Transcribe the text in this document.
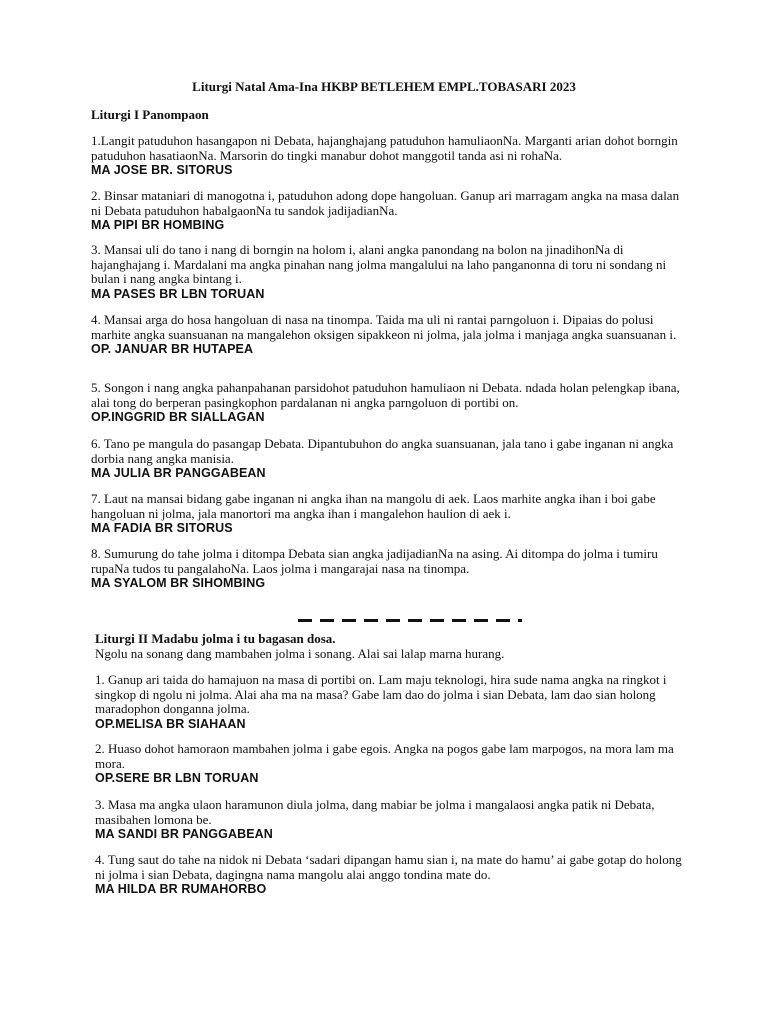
Liturgi Natal Ama-Ina HKBP BETLEHEM EMPL.TOBASARI 2023
Liturgi I Panompaon

1.Langit patuduhon hasangapon ni Debata, hajanghajang patuduhon hamuliaonNa. Marganti arian dohot borngin patuduhon hasatiaonNa. Marsorin do tingki manabur dohot manggotil tanda asi ni rohaNa.

MA JOSE BR. SITORUS

2. Binsar mataniari di manogotna i, patuduhon adong dope hangoluan. Ganup ari marragam angka na masa dalan ni Debata patuduhon habalgaonNa tu sandok jadijadianNa.

MA PIPI BR HOMBING

3. Mansai uli do tano i nang di borngin na holom i, alani angka panondang na bolon na jinadihonNa di hajanghajang i. Mardalani ma angka pinahan nang jolma mangalului na laho panganonna di toru ni sondang ni bulan i nang angka bintang i.

MA PASES BR LBN TORUAN

4. Mansai arga do hosa hangoluan di nasa na tinompa. Taida ma uli ni rantai parngoluon i. Dipaias do polusi marhite angka suansuanan na mangalehon oksigen sipakkeon ni jolma, jala jolma i manjaga angka suansuanan i.

OP. JANUAR BR HUTAPEA

5. Songon i nang angka pahanpahanan parsidohot patuduhon hamuliaon ni Debata. ndada holan pelengkap ibana, alai tong do berperan pasingkophon pardalanan ni angka parngoluon di portibi on.

OP.INGGRID BR SIALLAGAN

6. Tano pe mangula do pasangap Debata. Dipantubuhon do angka suansuanan, jala tano i gabe inganan ni angka dorbia nang angka manisia.

MA JULIA BR PANGGABEAN

7. Laut na mansai bidang gabe inganan ni angka ihan na mangolu di aek. Laos marhite angka ihan i boi gabe hangoluan ni jolma, jala manortori ma angka ihan i mangalehon haulion di aek i.

MA FADIA BR SITORUS

8. Sumurung do tahe jolma i ditompa Debata sian angka jadijadianNa na asing. Ai ditompa do jolma i tumiru rupaNa tudos tu pangalahoNa. Laos jolma i mangarajai nasa na tinompa.

MA SYALOM BR SIHOMBING
Liturgi II Madabu jolma i tu bagasan dosa.
Ngolu na sonang dang mambahen jolma i sonang. Alai sai lalap marna hurang.

1. Ganup ari taida do hamajuon na masa di portibi on. Lam maju teknologi, hira sude nama angka na ringkot i singkop di ngolu ni jolma. Alai aha ma na masa? Gabe lam dao do jolma i sian Debata, lam dao sian holong maradophon donganna jolma.

OP.MELISA BR SIAHAAN

2. Huaso dohot hamoraon mambahen jolma i gabe egois. Angka na pogos gabe lam marpogos, na mora lam ma mora.

OP.SERE BR LBN TORUAN

3. Masa ma angka ulaon haramunon diula jolma, dang mabiar be jolma i mangalaosi angka patik ni Debata, masibahen lomona be.

MA SANDI BR PANGGABEAN

4. Tung saut do tahe na nidok ni Debata ‘sadari dipangan hamu sian i, na mate do hamu’ ai gabe gotap do holong ni jolma i sian Debata, dagingna nama mangolu alai anggo tondina mate do.

MA HILDA BR RUMAHORBO
